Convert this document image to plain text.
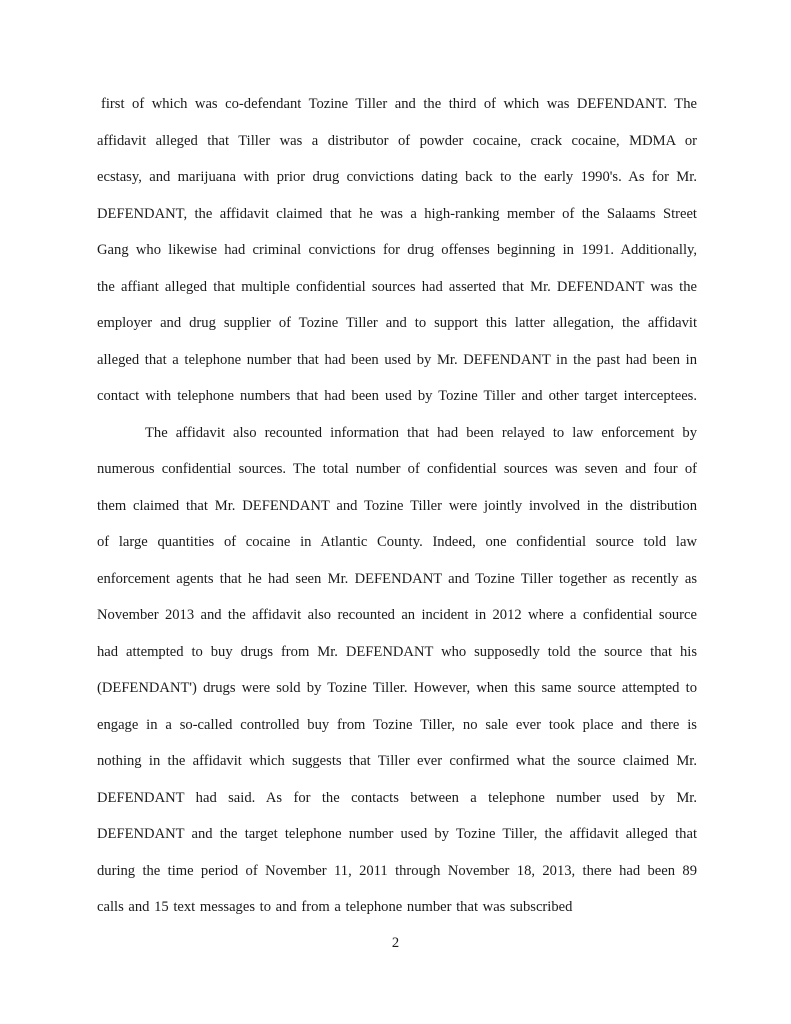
first of which was co-defendant Tozine Tiller and the third of which was DEFENDANT. The
affidavit alleged that Tiller was a distributor of powder cocaine, crack cocaine, MDMA or
ecstasy, and marijuana with prior drug convictions dating back to the early 1990's. As for Mr.
DEFENDANT, the affidavit claimed that he was a high-ranking member of the Salaams Street
Gang who likewise had criminal convictions for drug offenses beginning in 1991. Additionally,
the affiant alleged that multiple confidential sources had asserted that Mr. DEFENDANT was the
employer and drug supplier of Tozine Tiller and to support this latter allegation, the affidavit
alleged that a telephone number that had been used by Mr. DEFENDANT in the past had been in
contact with telephone numbers that had been used by Tozine Tiller and other target interceptees.
The affidavit also recounted information that had been relayed to law enforcement by
numerous confidential sources. The total number of confidential sources was seven and four of
them claimed that Mr. DEFENDANT and Tozine Tiller were jointly involved in the distribution
of large quantities of cocaine in Atlantic County. Indeed, one confidential source told law
enforcement agents that he had seen Mr. DEFENDANT and Tozine Tiller together as recently as
November 2013 and the affidavit also recounted an incident in 2012 where a confidential source
had attempted to buy drugs from Mr. DEFENDANT who supposedly told the source that his
(DEFENDANT') drugs were sold by Tozine Tiller. However, when this same source attempted to
engage in a so-called controlled buy from Tozine Tiller, no sale ever took place and there is
nothing in the affidavit which suggests that Tiller ever confirmed what the source claimed Mr.
DEFENDANT had said. As for the contacts between a telephone number used by Mr.
DEFENDANT and the target telephone number used by Tozine Tiller, the affidavit alleged that
during the time period of November 11, 2011 through November 18, 2013, there had been 89
calls and 15 text messages to and from a telephone number that was subscribed
2
